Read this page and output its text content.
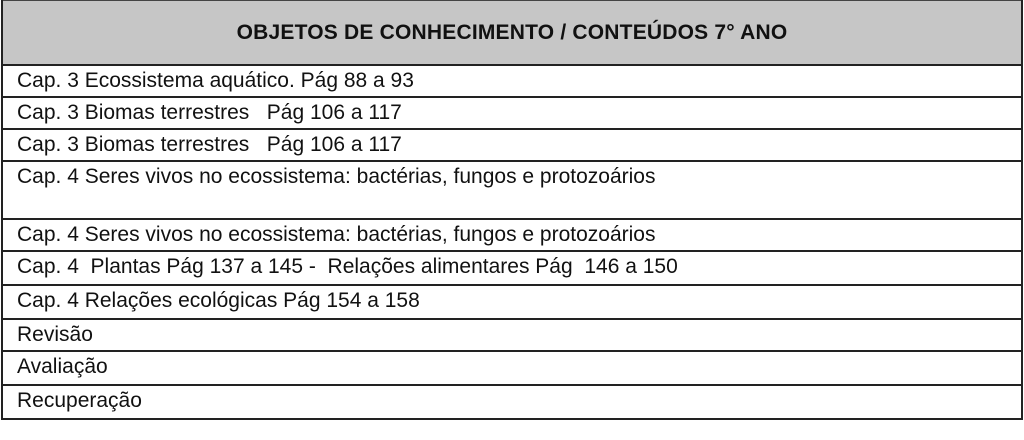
OBJETOS DE CONHECIMENTO / CONTEÚDOS 7° ANO
Cap. 3 Ecossistema aquático. Pág 88 a 93
Cap. 3 Biomas terrestres   Pág 106 a 117
Cap. 3 Biomas terrestres   Pág 106 a 117
Cap. 4 Seres vivos no ecossistema: bactérias, fungos e protozoários
Cap. 4 Seres vivos no ecossistema: bactérias, fungos e protozoários
Cap. 4  Plantas Pág 137 a 145 -  Relações alimentares Pág  146 a 150
Cap. 4 Relações ecológicas Pág 154 a 158
Revisão
Avaliação
Recuperação
